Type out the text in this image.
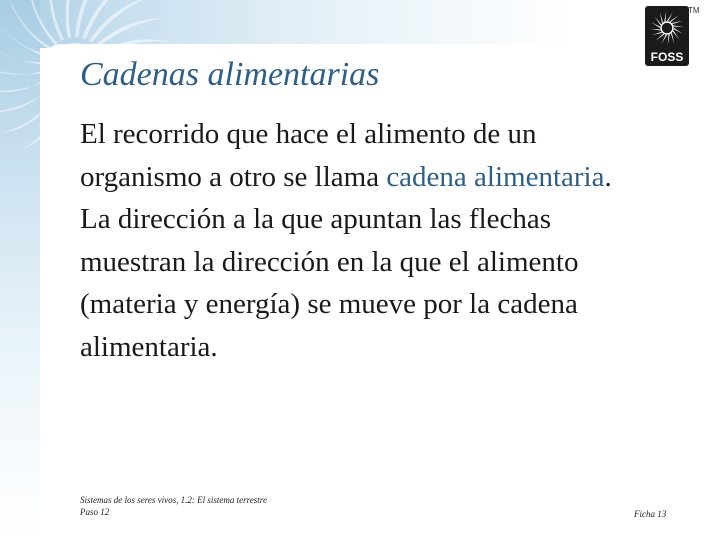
Cadenas alimentarias
El recorrido que hace el alimento de un organismo a otro se llama cadena alimentaria. La dirección a la que apuntan las flechas muestran la dirección en la que el alimento (materia y energía) se mueve por la cadena alimentaria.
Sistemas de los seres vivos, 1.2: El sistema terrestre
Paso 12	Ficha 13
FOSS
TM
